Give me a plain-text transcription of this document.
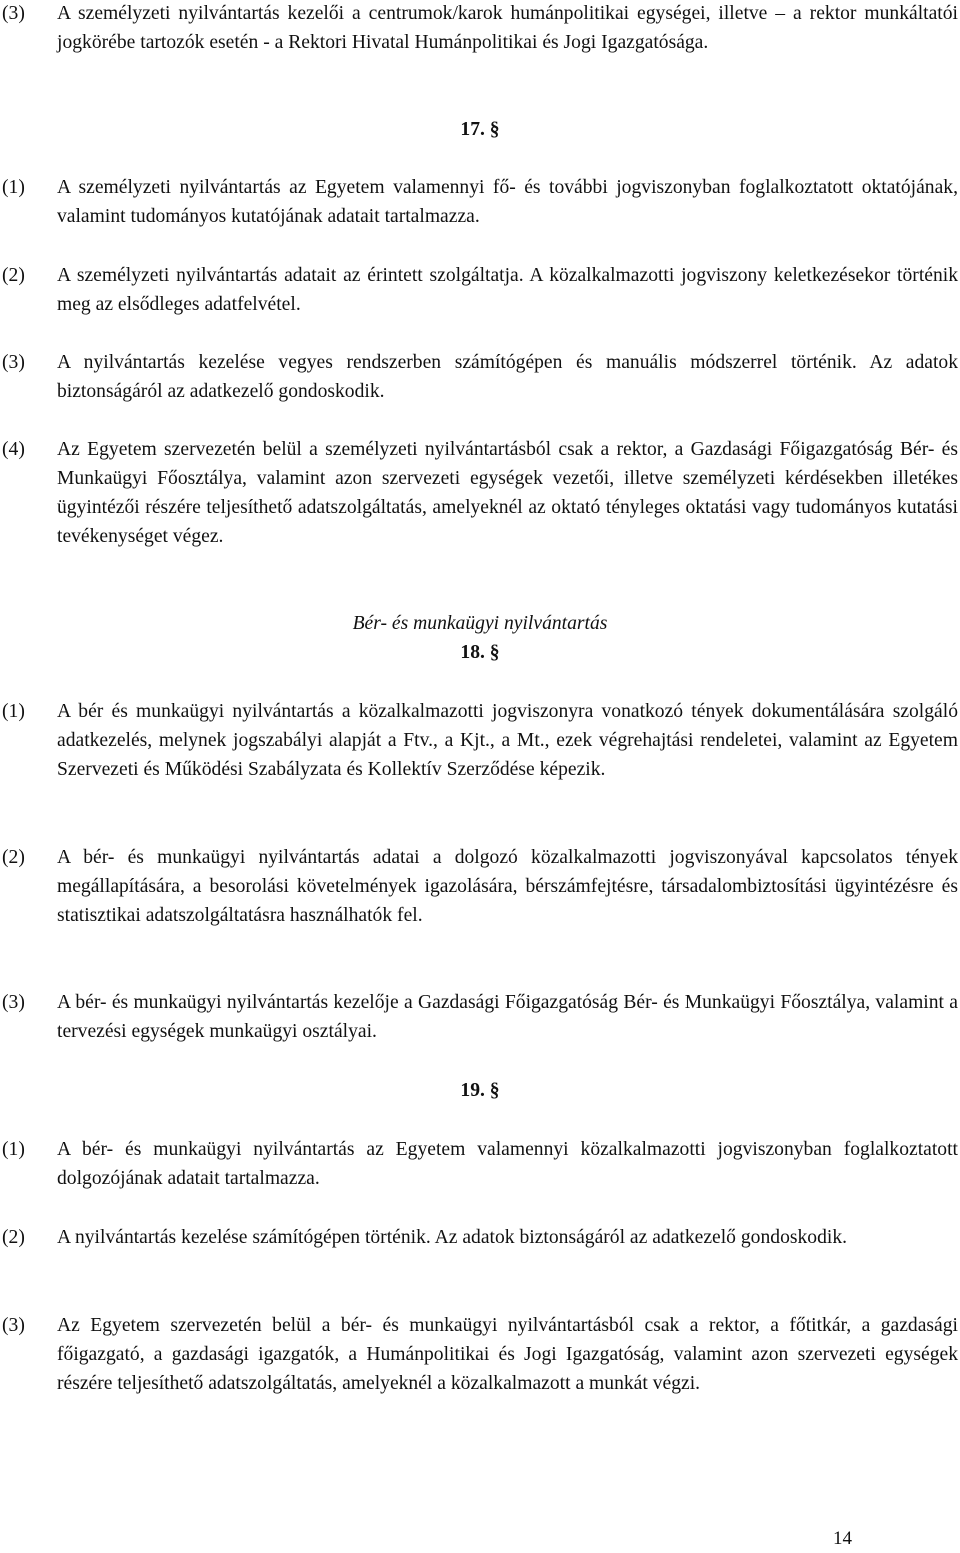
(3)	A személyzeti nyilvántartás kezelői a centrumok/karok humánpolitikai egységei, illetve – a rektor munkáltatói jogkörébe tartozók esetén - a Rektori Hivatal Humánpolitikai és Jogi Igazgatósága.
17. §
(1)	A személyzeti nyilvántartás az Egyetem valamennyi fő- és további jogviszonyban foglalkoztatott oktatójának, valamint tudományos kutatójának adatait tartalmazza.
(2)	A személyzeti nyilvántartás adatait az érintett szolgáltatja. A közalkalmazotti jogviszony keletkezésekor történik meg az elsődleges adatfelvétel.
(3)	A nyilvántartás kezelése vegyes rendszerben számítógépen és manuális módszerrel történik. Az adatok biztonságáról az adatkezelő gondoskodik.
(4)	Az Egyetem szervezetén belül a személyzeti nyilvántartásból csak a rektor, a Gazdasági Főigazgatóság Bér- és Munkaügyi Főosztálya, valamint azon szervezeti egységek vezetői, illetve személyzeti kérdésekben illetékes ügyintézői részére teljesíthető adatszolgáltatás, amelyeknél az oktató tényleges oktatási vagy tudományos kutatási tevékenységet végez.
Bér- és munkaügyi nyilvántartás
18. §
(1)	A bér és munkaügyi nyilvántartás a közalkalmazotti jogviszonyra vonatkozó tények dokumentálására szolgáló adatkezelés, melynek jogszabályi alapját a Ftv., a Kjt., a Mt., ezek végrehajtási rendeletei, valamint az Egyetem Szervezeti és Működési Szabályzata és Kollektív Szerződése képezik.
(2)	A bér- és munkaügyi nyilvántartás adatai a dolgozó közalkalmazotti jogviszonyával kapcsolatos tények megállapítására, a besorolási követelmények igazolására, bérszámfejtésre, társadalombiztosítási ügyintézésre és statisztikai adatszolgáltatásra használhatók fel.
(3)	A bér- és munkaügyi nyilvántartás kezelője a Gazdasági Főigazgatóság Bér- és Munkaügyi Főosztálya, valamint a tervezési egységek munkaügyi osztályai.
19. §
(1)	A bér- és munkaügyi nyilvántartás az Egyetem valamennyi közalkalmazotti jogviszonyban foglalkoztatott dolgozójának adatait tartalmazza.
(2)	A nyilvántartás kezelése számítógépen történik. Az adatok biztonságáról az adatkezelő gondoskodik.
(3)	Az Egyetem szervezetén belül a bér- és munkaügyi nyilvántartásból csak a rektor, a főtitkár, a gazdasági főigazgató, a gazdasági igazgatók, a Humánpolitikai és Jogi Igazgatóság, valamint azon szervezeti egységek részére teljesíthető adatszolgáltatás, amelyeknél a közalkalmazott a munkát végzi.
14
